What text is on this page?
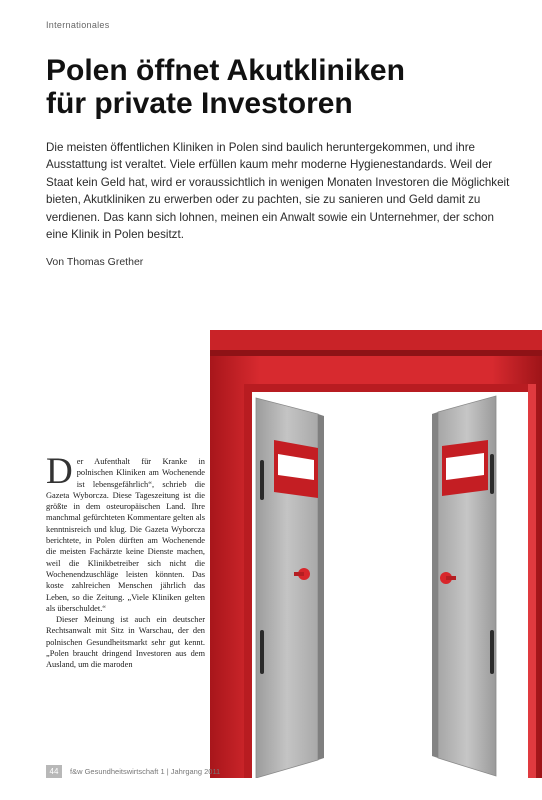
Internationales
Polen öffnet Akutkliniken
für private Investoren

Die meisten öffentlichen Kliniken in Polen sind baulich heruntergekommen, und ihre Ausstattung ist veraltet. Viele erfüllen kaum mehr moderne Hygienestandards. Weil der Staat kein Geld hat, wird er voraussichtlich in wenigen Monaten Investoren die Möglichkeit bieten, Akutkliniken zu erwerben oder zu pachten, sie zu sanieren und Geld damit zu verdienen. Das kann sich lohnen, meinen ein Anwalt sowie ein Unternehmer, der schon eine Klinik in Polen besitzt.

Von Thomas Grether

Der Aufenthalt für Kranke in polnischen Kliniken am Wochenende ist lebensgefährlich“, schrieb die Gazeta Wyborcza. Diese Tageszeitung ist die größte in dem osteuropäischen Land. Ihre manchmal gefürchteten Kommentare gelten als kenntnisreich und klug. Die Gazeta Wyborcza berichtete, in Polen dürften am Wochenende die meisten Fachärzte keine Dienste machen, weil die Klinikbetreiber sich nicht die Wochenendzuschläge leisten könnten. Das koste zahlreichen Menschen jährlich das Leben, so die Zeitung. „Viele Kliniken gelten als überschuldet.“

Dieser Meinung ist auch ein deutscher Rechtsanwalt mit Sitz in Warschau, der den polnischen Gesundheitsmarkt sehr gut kennt. „Polen braucht dringend Investoren aus dem Ausland, um die maroden

44	f&w Gesundheitswirtschaft 1 | Jahrgang 2011
